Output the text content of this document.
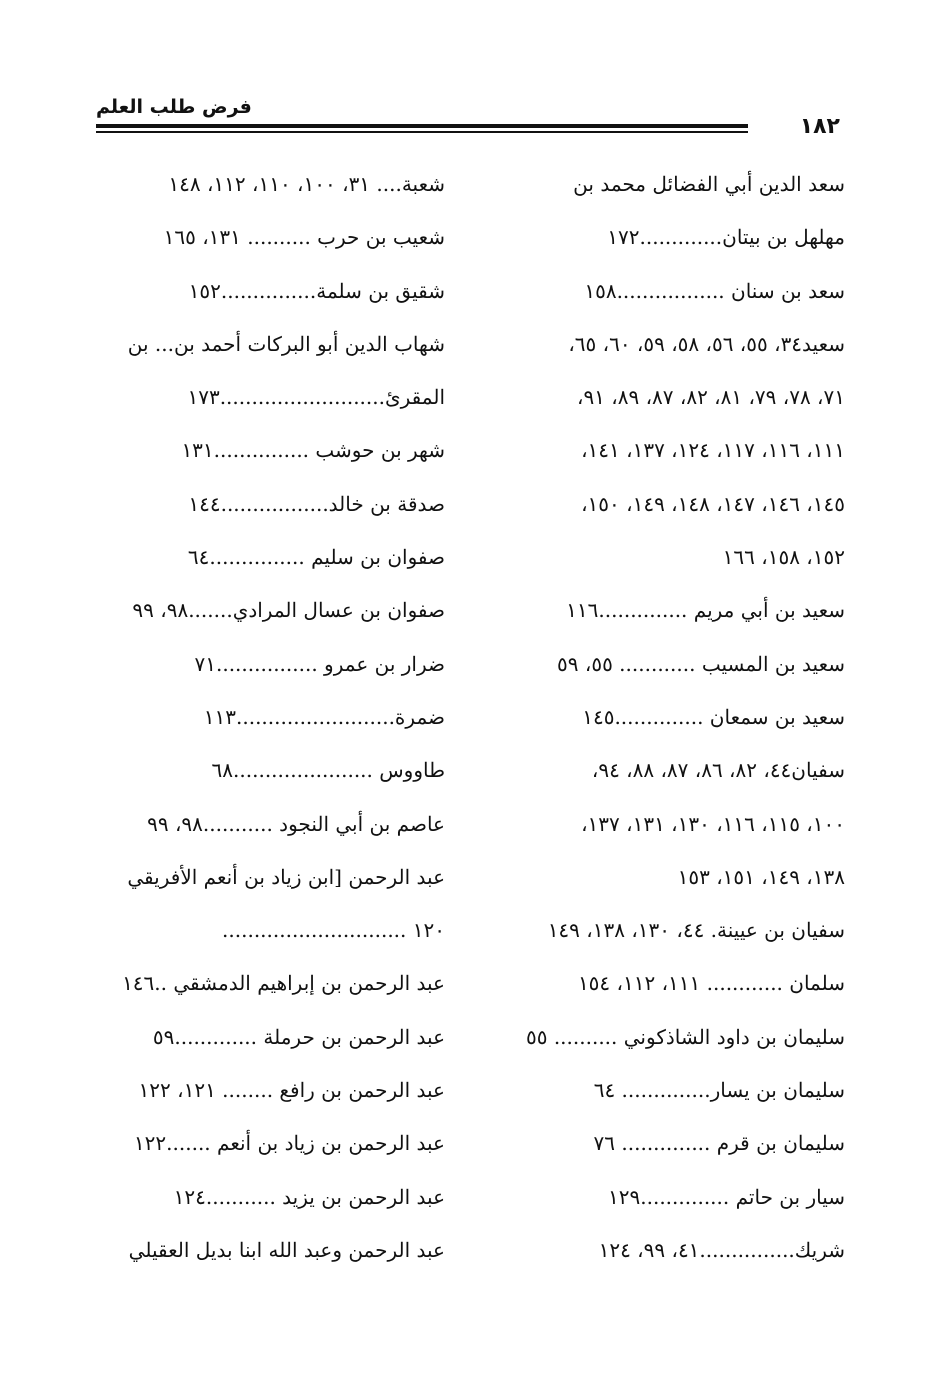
فرض طلب العلم
١٨٢
سعد الدين أبي الفضائل محمد بن
مهلهل بن بيتان.............١٧٢
سعد بن سنان .................١٥٨
سعيد٣٤، ٥٥، ٥٦، ٥٨، ٥٩، ٦٠، ٦٥،
٧١، ٧٨، ٧٩، ٨١، ٨٢، ٨٧، ٨٩، ٩١،
١١١، ١١٦، ١١٧، ١٢٤، ١٣٧، ١٤١،
١٤٥، ١٤٦، ١٤٧، ١٤٨، ١٤٩، ١٥٠،
١٥٢، ١٥٨، ١٦٦
سعيد بن أبي مريم ..............١١٦
سعيد بن المسيب ............ ٥٥، ٥٩
سعيد بن سمعان ..............١٤٥
سفيان٤٤، ٨٢، ٨٦، ٨٧، ٨٨، ٩٤،
١٠٠، ١١٥، ١١٦، ١٣٠، ١٣١، ١٣٧،
١٣٨، ١٤٩، ١٥١، ١٥٣
سفيان بن عيينة. ٤٤، ١٣٠، ١٣٨، ١٤٩
سلمان ............ ١١١، ١١٢، ١٥٤
سليمان بن داود الشاذكوني .......... ٥٥
سليمان بن يسار.............. ٦٤
سليمان بن قرم .............. ٧٦
سيار بن حاتم ..............١٢٩
شريك...............٤١، ٩٩، ١٢٤
شعبة.... ٣١، ١٠٠، ١١٠، ١١٢، ١٤٨
شعيب بن حرب .......... ١٣١، ١٦٥
شقيق بن سلمة...............١٥٢
شهاب الدين أبو البركات أحمد بن... بن
المقرئ..........................١٧٣
شهر بن حوشب ...............١٣١
صدقة بن خالد.................١٤٤
صفوان بن سليم ...............٦٤
صفوان بن عسال المرادي.......٩٨، ٩٩
ضرار بن عمرو ................٧١
ضمرة.........................١١٣
طاووس ......................٦٨
عاصم بن أبي النجود ...........٩٨، ٩٩
عبد الرحمن [ابن زياد بن أنعم الأفريقي
١٢٠ .............................
عبد الرحمن بن إبراهيم الدمشقي ..١٤٦
عبد الرحمن بن حرملة .............٥٩
عبد الرحمن بن رافع ........ ١٢١، ١٢٢
عبد الرحمن بن زياد بن أنعم .......١٢٢
عبد الرحمن بن يزيد ...........١٢٤
عبد الرحمن وعبد الله ابنا بديل العقيلي
